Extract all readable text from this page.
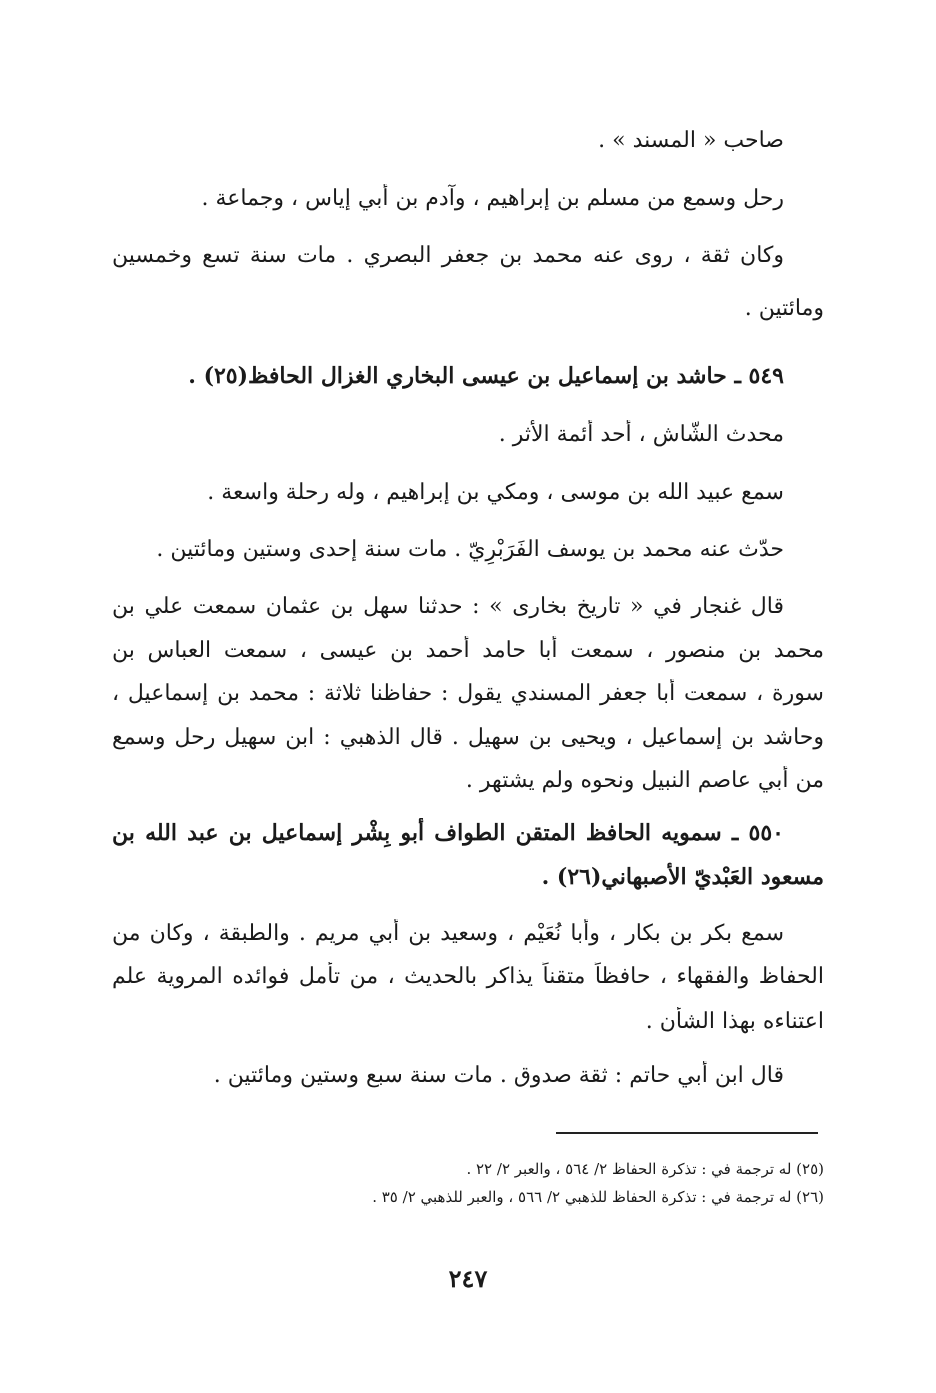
صاحب « المسند » .
رحل وسمع من مسلم بن إبراهيم ، وآدم بن أبي إياس ، وجماعة .
وكان ثقة ، روى عنه محمد بن جعفر البصري . مات سنة تسع وخمسين
ومائتين .
٥٤٩ ـ حاشد بن إسماعيل بن عيسى البخاري الغزال الحافظ(٢٥) .
محدث الشّاش ، أحد أئمة الأثر .
سمع عبيد الله بن موسى ، ومكي بن إبراهيم ، وله رحلة واسعة .
حدّث عنه محمد بن يوسف الفَرَبْرِيّ . مات سنة إحدى وستين ومائتين .
قال غنجار في « تاريخ بخارى » : حدثنا سهل بن عثمان سمعت علي بن
محمد بن منصور ، سمعت أبا حامد أحمد بن عيسى ، سمعت العباس بن
سورة ، سمعت أبا جعفر المسندي يقول : حفاظنا ثلاثة : محمد بن إسماعيل ،
وحاشد بن إسماعيل ، ويحيى بن سهيل . قال الذهبي : ابن سهيل رحل وسمع
من أبي عاصم النبيل ونحوه ولم يشتهر .
٥٥٠ ـ سمويه الحافظ المتقن الطواف أبو بِشْر إسماعيل بن عبد الله بن
مسعود العَبْديّ الأصبهاني(٢٦) .
سمع بكر بن بكار ، وأبا نُعَيْم ، وسعيد بن أبي مريم . والطبقة ، وكان من
الحفاظ والفقهاء ، حافظاً متقناً يذاكر بالحديث ، من تأمل فوائده المروية علم
اعتناءه بهذا الشأن .
قال ابن أبي حاتم : ثقة صدوق . مات سنة سبع وستين ومائتين .
(٢٥) له ترجمة في : تذكرة الحفاظ ٢/ ٥٦٤ ، والعبر ٢/ ٢٢ .
(٢٦) له ترجمة في : تذكرة الحفاظ للذهبي ٢/ ٥٦٦ ، والعبر للذهبي ٢/ ٣٥ .
٢٤٧
